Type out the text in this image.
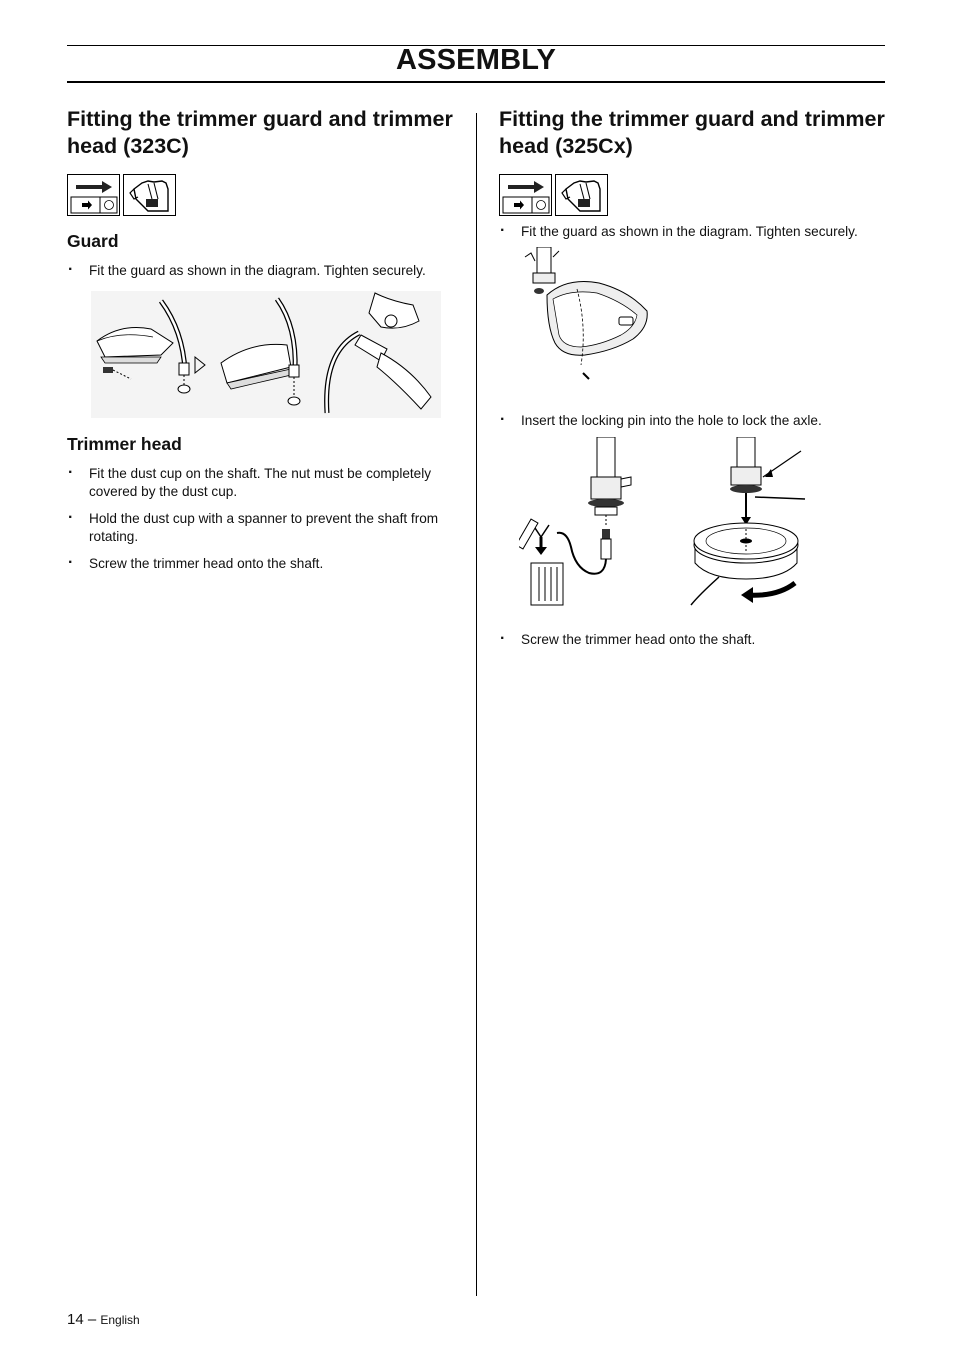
ASSEMBLY
Fitting the trimmer guard and trimmer head (323C)
Guard
· Fit the guard as shown in the diagram. Tighten securely.
Trimmer head
· Fit the dust cup on the shaft. The nut must be completely covered by the dust cup.
· Hold the dust cup with a spanner to prevent the shaft from rotating.
· Screw the trimmer head onto the shaft.
Fitting the trimmer guard and trimmer head (325Cx)
· Fit the guard as shown in the diagram. Tighten securely.
· Insert the locking pin into the hole to lock the axle.
· Screw the trimmer head onto the shaft.
14 – English
